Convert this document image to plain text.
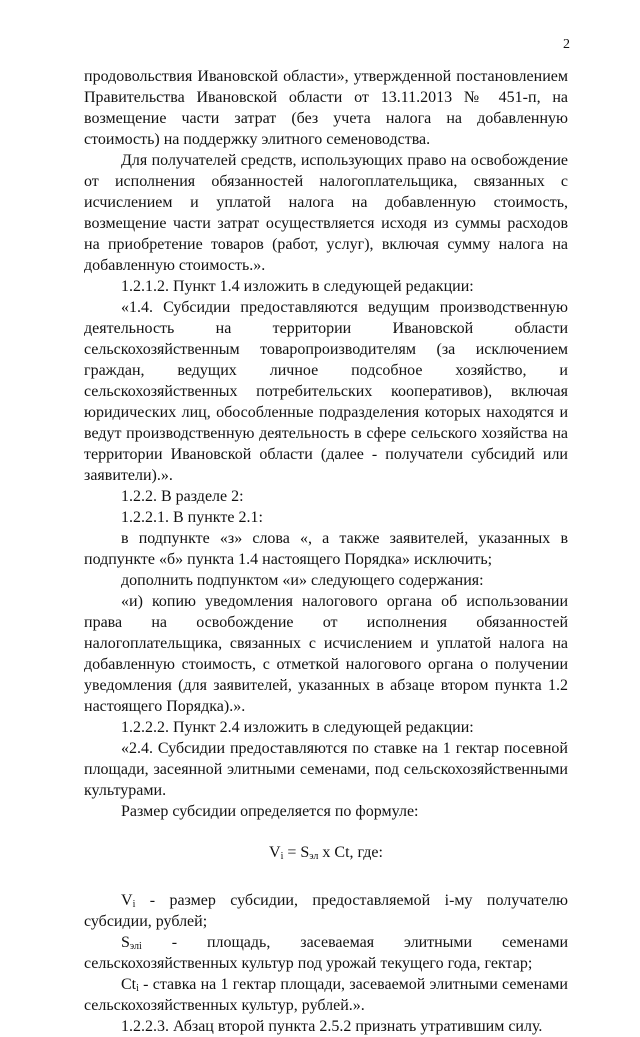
2

продовольствия Ивановской области», утвержденной постановлением Правительства Ивановской области от 13.11.2013 № 451-п, на возмещение части затрат (без учета налога на добавленную стоимость) на поддержку элитного семеноводства.

Для получателей средств, использующих право на освобождение от исполнения обязанностей налогоплательщика, связанных с исчислением и уплатой налога на добавленную стоимость, возмещение части затрат осуществляется исходя из суммы расходов на приобретение товаров (работ, услуг), включая сумму налога на добавленную стоимость.».

1.2.1.2. Пункт 1.4 изложить в следующей редакции:

«1.4. Субсидии предоставляются ведущим производственную деятельность на территории Ивановской области сельскохозяйственным товаропроизводителям (за исключением граждан, ведущих личное подсобное хозяйство, и сельскохозяйственных потребительских кооперативов), включая юридических лиц, обособленные подразделения которых находятся и ведут производственную деятельность в сфере сельского хозяйства на территории Ивановской области (далее - получатели субсидий или заявители).».

1.2.2. В разделе 2:

1.2.2.1. В пункте 2.1:

в подпункте «з» слова «, а также заявителей, указанных в подпункте «б» пункта 1.4 настоящего Порядка» исключить;

дополнить подпунктом «и» следующего содержания:

«и) копию уведомления налогового органа об использовании права на освобождение от исполнения обязанностей налогоплательщика, связанных с исчислением и уплатой налога на добавленную стоимость, с отметкой налогового органа о получении уведомления (для заявителей, указанных в абзаце втором пункта 1.2 настоящего Порядка).».

1.2.2.2. Пункт 2.4 изложить в следующей редакции:

«2.4. Субсидии предоставляются по ставке на 1 гектар посевной площади, засеянной элитными семенами, под сельскохозяйственными культурами.

Размер субсидии определяется по формуле:

$V_i = S_{эл}$ x Ct, где:

$V_i$ - размер субсидии, предоставляемой i-му получателю субсидии, рублей;

$S_{элi}$ - площадь, засеваемая элитными семенами

сельскохозяйственных культур под урожай текущего года, гектар;

$Ct_i$ - ставка на 1 гектар площади, засеваемой элитными семенами сельскохозяйственных культур, рублей.».

1.2.2.3. Абзац второй пункта 2.5.2 признать утратившим силу.
